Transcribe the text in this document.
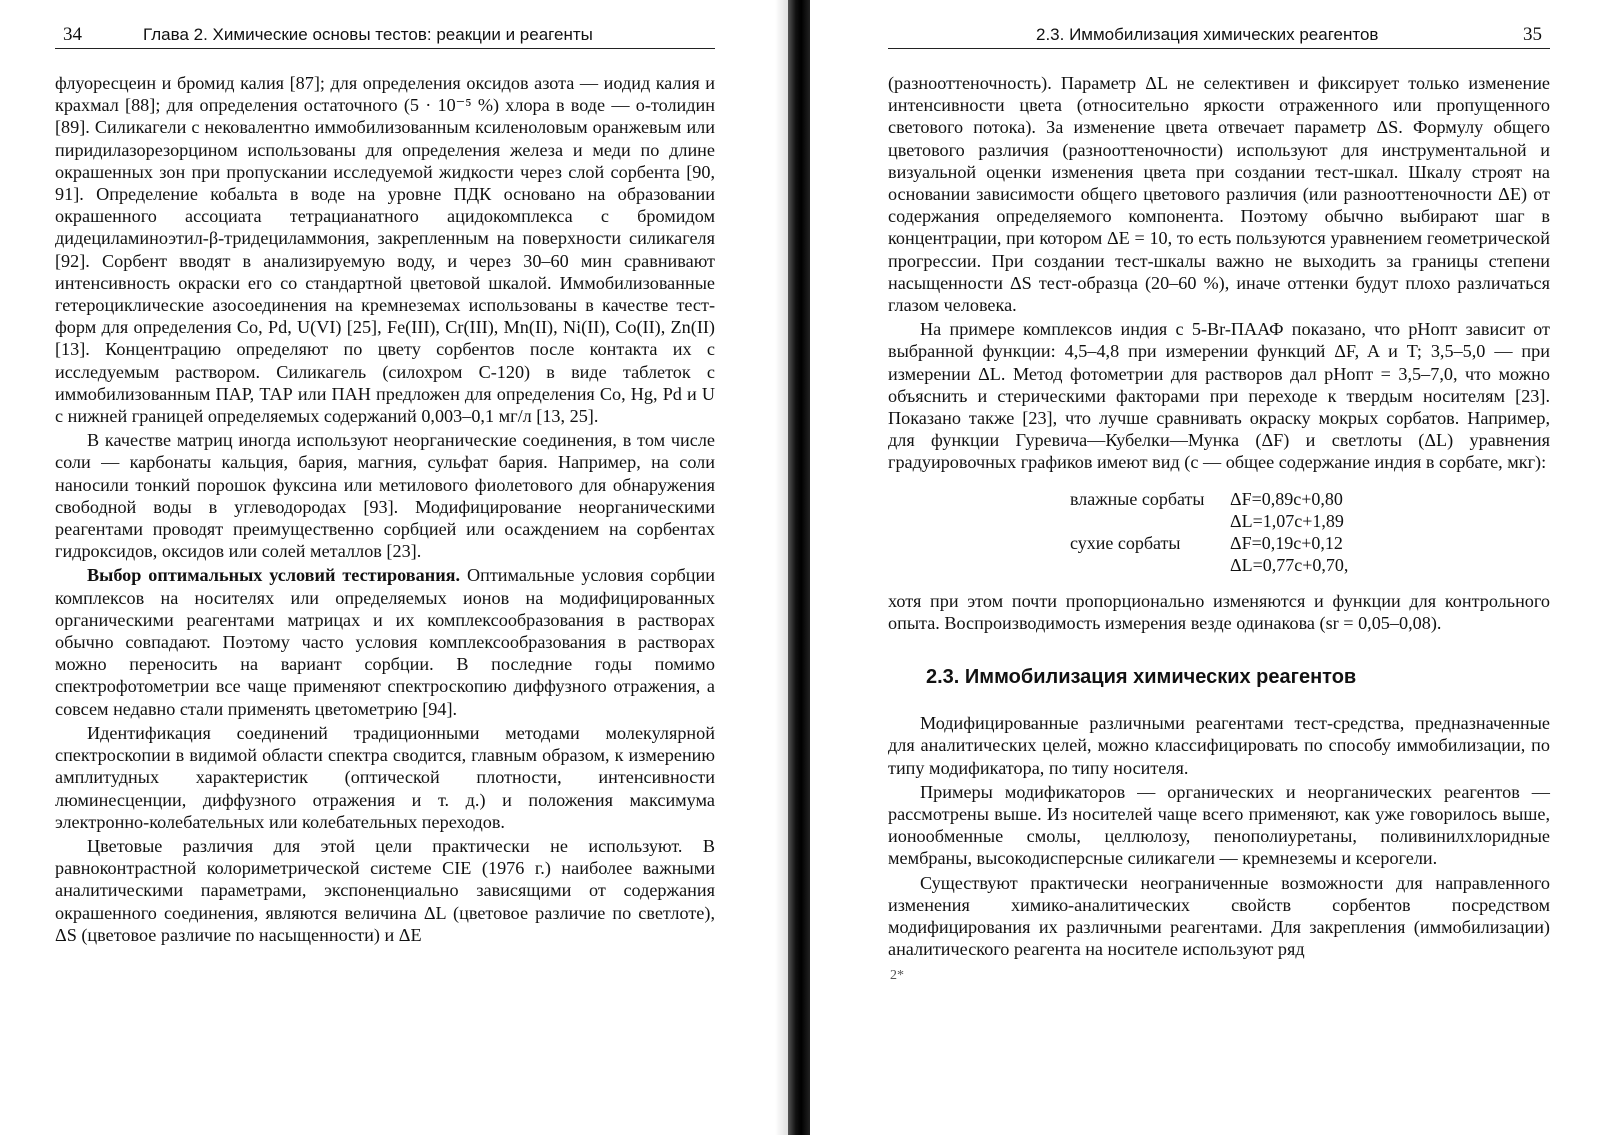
34	Глава 2. Химические основы тестов: реакции и реагенты

флуоресцеин и бромид калия [87]; для определения оксидов азота — иодид калия и крахмал [88]; для определения остаточного (5 · 10⁻⁵ %) хлора в воде — о-толидин [89]. Силикагели с нековалентно иммобилизованным ксиленоловым оранжевым или пиридилазорезорцином использованы для определения железа и меди по длине окрашенных зон при пропускании исследуемой жидкости через слой сорбента [90, 91]. Определение кобальта в воде на уровне ПДК основано на образовании окрашенного ассоциата тетрацианатного ацидокомплекса с бромидом дидециламиноэтил-β-тридециламмония, закрепленным на поверхности силикагеля [92]. Сорбент вводят в анализируемую воду, и через 30–60 мин сравнивают интенсивность окраски его со стандартной цветовой шкалой. Иммобилизованные гетероциклические азосоединения на кремнеземах использованы в качестве тест-форм для определения Co, Pd, U(VI) [25], Fe(III), Cr(III), Mn(II), Ni(II), Co(II), Zn(II) [13]. Концентрацию определяют по цвету сорбентов после контакта их с исследуемым раствором. Силикагель (силохром С-120) в виде таблеток с иммобилизованным ПАР, ТАР или ПАН предложен для определения Co, Hg, Pd и U с нижней границей определяемых содержаний 0,003–0,1 мг/л [13, 25].

В качестве матриц иногда используют неорганические соединения, в том числе соли — карбонаты кальция, бария, магния, сульфат бария. Например, на соли наносили тонкий порошок фуксина или метилового фиолетового для обнаружения свободной воды в углеводородах [93]. Модифицирование неорганическими реагентами проводят преимущественно сорбцией или осаждением на сорбентах гидроксидов, оксидов или солей металлов [23].

Выбор оптимальных условий тестирования. Оптимальные условия сорбции комплексов на носителях или определяемых ионов на модифицированных органическими реагентами матрицах и их комплексообразования в растворах обычно совпадают. Поэтому часто условия комплексообразования в растворах можно переносить на вариант сорбции. В последние годы помимо спектрофотометрии все чаще применяют спектроскопию диффузного отражения, а совсем недавно стали применять цветометрию [94].

Идентификация соединений традиционными методами молекулярной спектроскопии в видимой области спектра сводится, главным образом, к измерению амплитудных характеристик (оптической плотности, интенсивности люминесценции, диффузного отражения и т. д.) и положения максимума электронно-колебательных или колебательных переходов.

Цветовые различия для этой цели практически не используют. В равноконтрастной колориметрической системе CIE (1976 г.) наиболее важными аналитическими параметрами, экспоненциально зависящими от содержания окрашенного соединения, являются величина ΔL (цветовое различие по светлоте), ΔS (цветовое различие по насыщенности) и ΔE

2.3. Иммобилизация химических реагентов	35

(разнооттеночность). Параметр ΔL не селективен и фиксирует только изменение интенсивности цвета (относительно яркости отраженного или пропущенного светового потока). За изменение цвета отвечает параметр ΔS. Формулу общего цветового различия (разнооттеночности) используют для инструментальной и визуальной оценки изменения цвета при создании тест-шкал. Шкалу строят на основании зависимости общего цветового различия (или разнооттеночности ΔE) от содержания определяемого компонента. Поэтому обычно выбирают шаг в концентрации, при котором ΔE = 10, то есть пользуются уравнением геометрической прогрессии. При создании тест-шкалы важно не выходить за границы степени насыщенности ΔS тест-образца (20–60 %), иначе оттенки будут плохо различаться глазом человека.

На примере комплексов индия с 5-Br-ПААФ показано, что pHопт зависит от выбранной функции: 4,5–4,8 при измерении функций ΔF, A и T; 3,5–5,0 — при измерении ΔL. Метод фотометрии для растворов дал pHопт = 3,5–7,0, что можно объяснить и стерическими факторами при переходе к твердым носителям [23]. Показано также [23], что лучше сравнивать окраску мокрых сорбатов. Например, для функции Гуревича—Кубелки—Мунка (ΔF) и светлоты (ΔL) уравнения градуировочных графиков имеют вид (c — общее содержание индия в сорбате, мкг):

влажные сорбаты	ΔF=0,89c+0,80
ΔL=1,07c+1,89
сухие сорбаты	ΔF=0,19c+0,12
ΔL=0,77c+0,70,

хотя при этом почти пропорционально изменяются и функции для контрольного опыта. Воспроизводимость измерения везде одинакова (sr = 0,05–0,08).

2.3. Иммобилизация химических реагентов

Модифицированные различными реагентами тест-средства, предназначенные для аналитических целей, можно классифицировать по способу иммобилизации, по типу модификатора, по типу носителя.

Примеры модификаторов — органических и неорганических реагентов — рассмотрены выше. Из носителей чаще всего применяют, как уже говорилось выше, ионообменные смолы, целлюлозу, пенополиуретаны, поливинилхлоридные мембраны, высокодисперсные силикагели — кремнеземы и ксерогели.

Существуют практически неограниченные возможности для направленного изменения химико-аналитических свойств сорбентов посредством модифицирования их различными реагентами. Для закрепления (иммобилизации) аналитического реагента на носителе используют ряд

2*
